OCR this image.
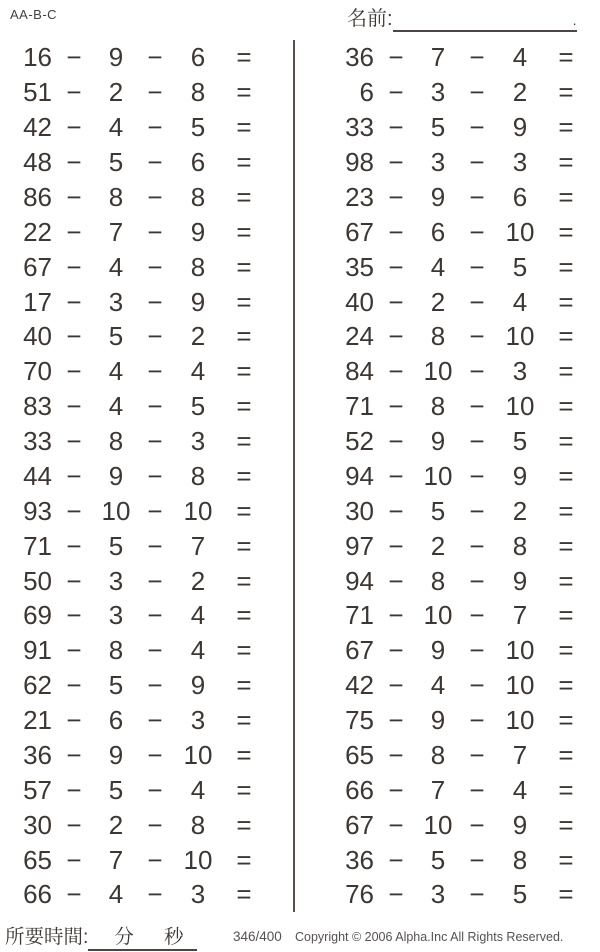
AA-B-C	名前:	.
16 −	9 −	6	=
51 −	2 −	8	=
42 −	4 −	5	=
48 −	5 −	6	=
86 −	8 −	8	=
22 −	7 −	9	=
67 −	4 −	8	=
17 −	3 −	9	=
40 −	5 −	2	=
70 −	4 −	4	=
83 −	4 −	5	=
33 −	8 −	3	=
44 −	9 −	8	=
93 − 10 − 10 =
71 −	5 −	7	=
50 −	3 −	2	=
69 −	3 −	4	=
91 −	8 −	4	=
62 −	5 −	9	=
21 −	6 −	3	=
36 −	9 − 10 =
57 −	5 −	4	=
30 −	2 −	8	=
65 −	7 − 10 =
66 −	4 −	3	=
36 −	7 −	4	=
6 −	3 −	2	=
33 −	5 −	9	=
98 −	3 −	3	=
23 −	9 −	6	=
67 −	6 − 10 =
35 −	4 −	5	=
40 −	2 −	4	=
24 −	8 − 10 =
84 − 10 −	3	=
71 −	8 − 10 =
52 −	9 −	5	=
94 − 10 −	9	=
30 −	5 −	2	=
97 −	2 −	8	=
94 −	8 −	9	=
71 − 10 −	7	=
67 −	9 − 10 =
42 −	4 − 10 =
75 −	9 − 10 =
65 −	8 −	7	=
66 −	7 −	4	=
67 − 10 −	9	=
36 −	5 −	8	=
76 −	3 −	5	=
所要時間: 分 秒	346/400 Copyright © 2006 Alpha.Inc All Rights Reserved.
